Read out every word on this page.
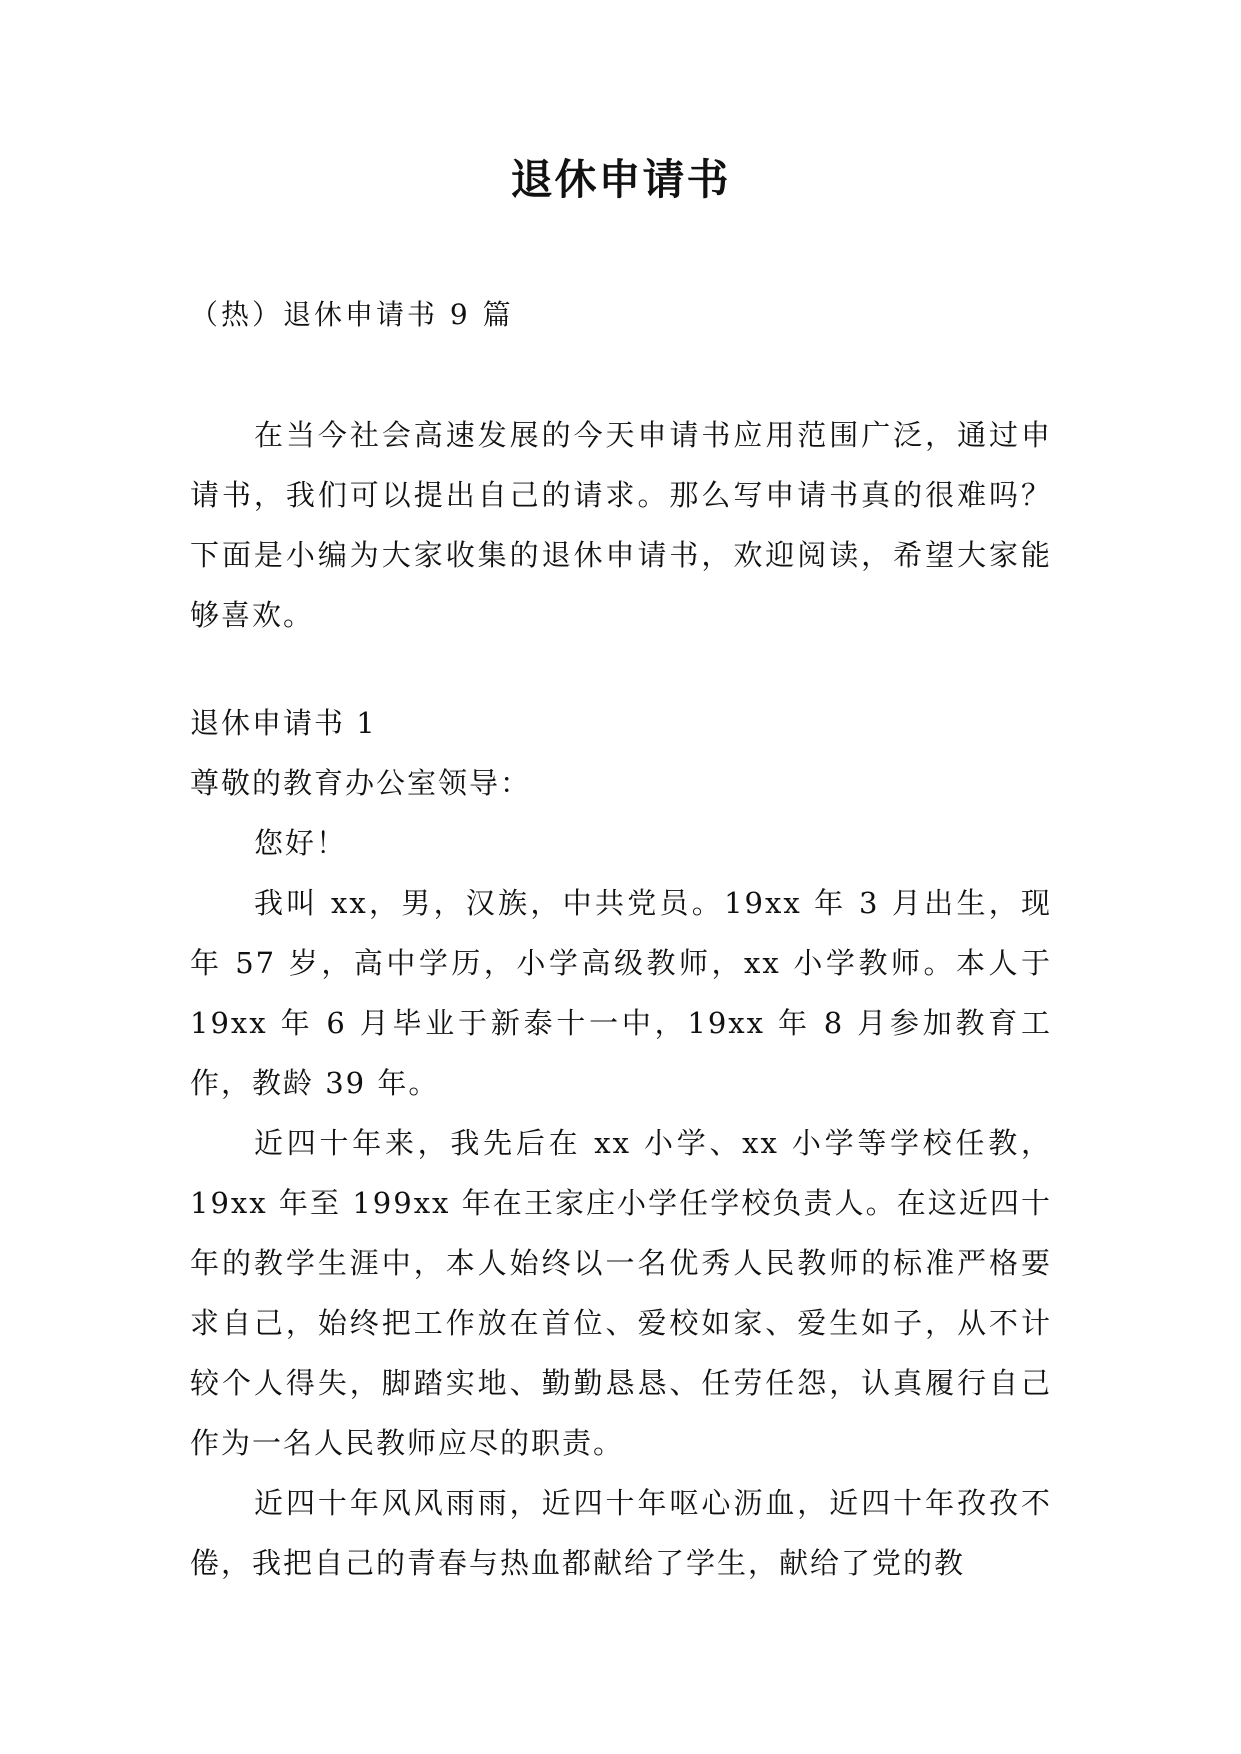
退休申请书
（热）退休申请书 9 篇

在当今社会高速发展的今天申请书应用范围广泛，通过申请书，我们可以提出自己的请求。那么写申请书真的很难吗？下面是小编为大家收集的退休申请书，欢迎阅读，希望大家能够喜欢。

退休申请书 1

尊敬的教育办公室领导：

您好！

我叫 xx，男，汉族，中共党员。19xx 年 3 月出生，现年 57 岁，高中学历，小学高级教师，xx 小学教师。本人于 19xx 年 6 月毕业于新泰十一中，19xx 年 8 月参加教育工作，教龄 39 年。

近四十年来，我先后在 xx 小学、xx 小学等学校任教，19xx 年至 199xx 年在王家庄小学任学校负责人。在这近四十年的教学生涯中，本人始终以一名优秀人民教师的标准严格要求自己，始终把工作放在首位、爱校如家、爱生如子，从不计较个人得失，脚踏实地、勤勤恳恳、任劳任怨，认真履行自己作为一名人民教师应尽的职责。

近四十年风风雨雨，近四十年呕心沥血，近四十年孜孜不倦，我把自己的青春与热血都献给了学生，献给了党的教
